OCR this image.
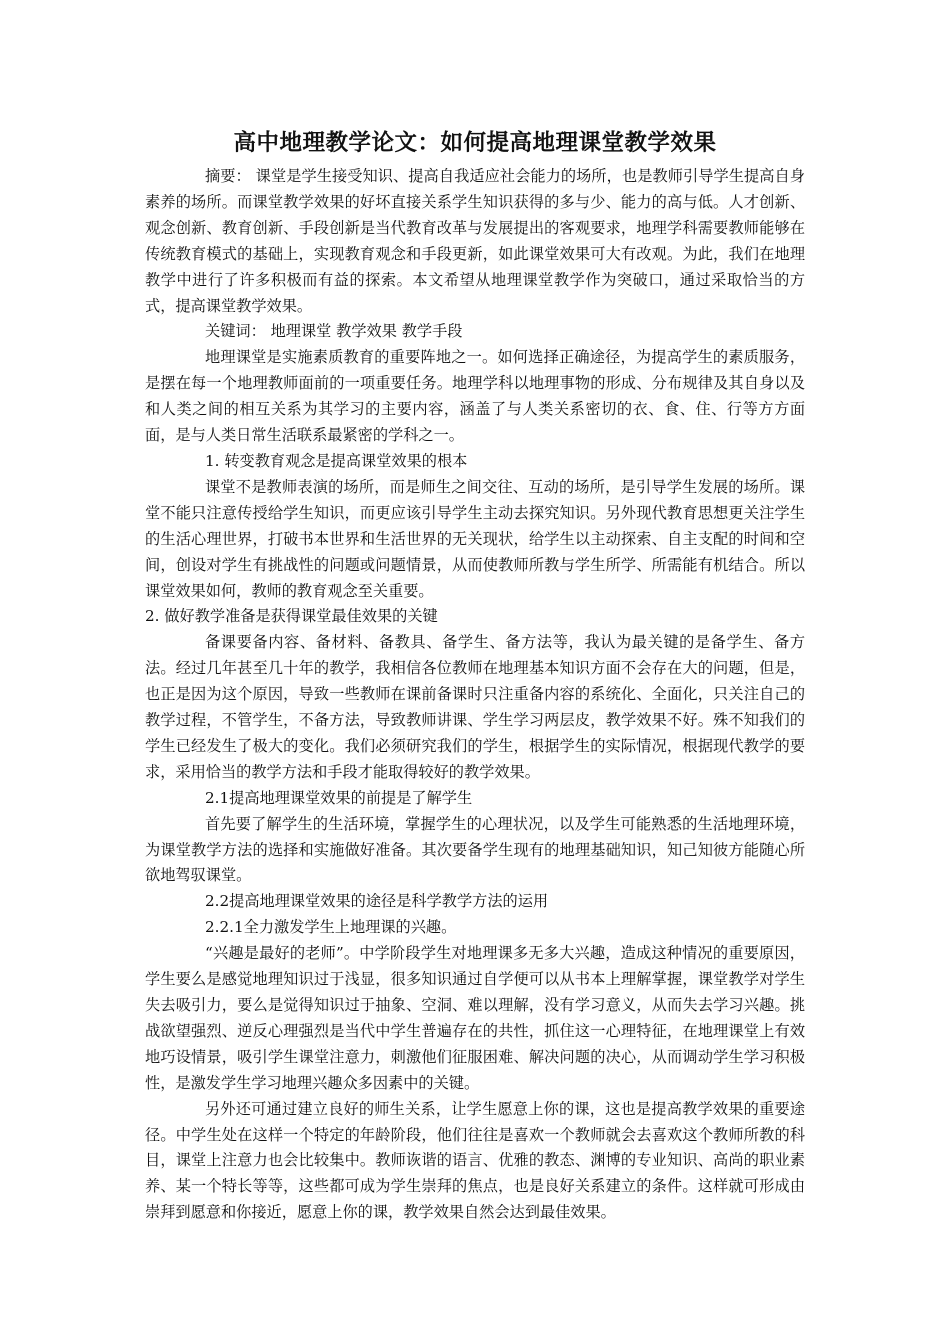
高中地理教学论文：如何提高地理课堂教学效果

摘要： 课堂是学生接受知识、提高自我适应社会能力的场所，也是教师引导学生提高自身素养的场所。而课堂教学效果的好坏直接关系学生知识获得的多与少、能力的高与低。人才创新、观念创新、教育创新、手段创新是当代教育改革与发展提出的客观要求，地理学科需要教师能够在传统教育模式的基础上，实现教育观念和手段更新，如此课堂效果可大有改观。为此，我们在地理教学中进行了许多积极而有益的探索。本文希望从地理课堂教学作为突破口，通过采取恰当的方式，提高课堂教学效果。

关键词： 地理课堂 教学效果 教学手段

地理课堂是实施素质教育的重要阵地之一。如何选择正确途径，为提高学生的素质服务，是摆在每一个地理教师面前的一项重要任务。地理学科以地理事物的形成、分布规律及其自身以及和人类之间的相互关系为其学习的主要内容，涵盖了与人类关系密切的衣、食、住、行等方方面面，是与人类日常生活联系最紧密的学科之一。

1. 转变教育观念是提高课堂效果的根本

课堂不是教师表演的场所，而是师生之间交往、互动的场所，是引导学生发展的场所。课堂不能只注意传授给学生知识，而更应该引导学生主动去探究知识。另外现代教育思想更关注学生的生活心理世界，打破书本世界和生活世界的无关现状，给学生以主动探索、自主支配的时间和空间，创设对学生有挑战性的问题或问题情景，从而使教师所教与学生所学、所需能有机结合。所以课堂效果如何，教师的教育观念至关重要。

2. 做好教学准备是获得课堂最佳效果的关键

备课要备内容、备材料、备教具、备学生、备方法等，我认为最关键的是备学生、备方法。经过几年甚至几十年的教学，我相信各位教师在地理基本知识方面不会存在大的问题，但是，也正是因为这个原因，导致一些教师在课前备课时只注重备内容的系统化、全面化，只关注自己的教学过程，不管学生，不备方法，导致教师讲课、学生学习两层皮，教学效果不好。殊不知我们的学生已经发生了极大的变化。我们必须研究我们的学生，根据学生的实际情况，根据现代教学的要求，采用恰当的教学方法和手段才能取得较好的教学效果。

2.1提高地理课堂效果的前提是了解学生

首先要了解学生的生活环境，掌握学生的心理状况，以及学生可能熟悉的生活地理环境，为课堂教学方法的选择和实施做好准备。其次要备学生现有的地理基础知识，知己知彼方能随心所欲地驾驭课堂。

2.2提高地理课堂效果的途径是科学教学方法的运用

2.2.1全力激发学生上地理课的兴趣。

“兴趣是最好的老师”。中学阶段学生对地理课多无多大兴趣，造成这种情况的重要原因，学生要么是感觉地理知识过于浅显，很多知识通过自学便可以从书本上理解掌握，课堂教学对学生失去吸引力，要么是觉得知识过于抽象、空洞、难以理解，没有学习意义，从而失去学习兴趣。挑战欲望强烈、逆反心理强烈是当代中学生普遍存在的共性，抓住这一心理特征，在地理课堂上有效地巧设情景，吸引学生课堂注意力，刺激他们征服困难、解决问题的决心，从而调动学生学习积极性，是激发学生学习地理兴趣众多因素中的关键。

另外还可通过建立良好的师生关系，让学生愿意上你的课，这也是提高教学效果的重要途径。中学生处在这样一个特定的年龄阶段，他们往往是喜欢一个教师就会去喜欢这个教师所教的科目，课堂上注意力也会比较集中。教师诙谐的语言、优雅的教态、渊博的专业知识、高尚的职业素养、某一个特长等等，这些都可成为学生崇拜的焦点，也是良好关系建立的条件。这样就可形成由崇拜到愿意和你接近，愿意上你的课，教学效果自然会达到最佳效果。
